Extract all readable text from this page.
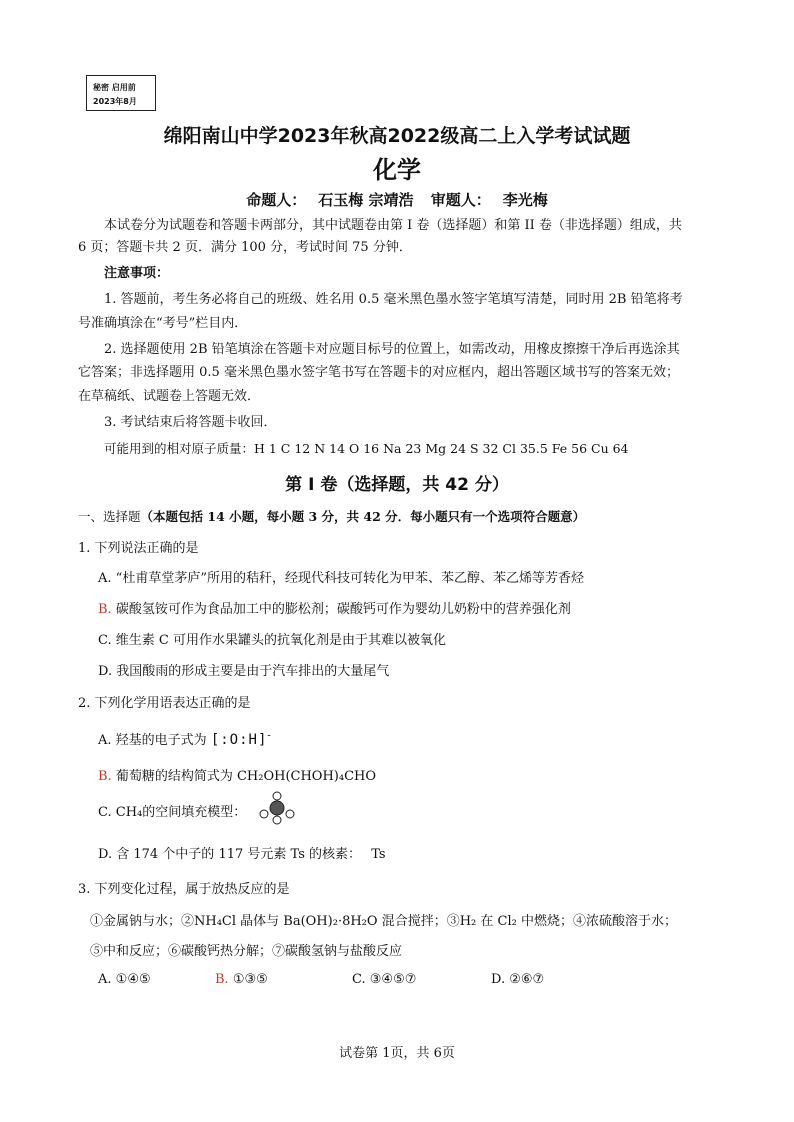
秘密 启用前
2023年8月
绵阳南山中学2023年秋高2022级高二上入学考试试题
化学
命题人： 石玉梅 宗靖浩 审题人： 李光梅
本试卷分为试题卷和答题卡两部分，其中试题卷由第 I 卷（选择题）和第 II 卷（非选择题）组成，共
6 页；答题卡共 2 页．满分 100 分，考试时间 75 分钟．
注意事项：
1. 答题前，考生务必将自己的班级、姓名用 0.5 毫米黑色墨水签字笔填写清楚，同时用 2B 铅笔将考
号准确填涂在“考号”栏目内．
2. 选择题使用 2B 铅笔填涂在答题卡对应题目标号的位置上，如需改动，用橡皮擦擦干净后再选涂其
它答案；非选择题用 0.5 毫米黑色墨水签字笔书写在答题卡的对应框内，超出答题区域书写的答案无效；
在草稿纸、试题卷上答题无效．
3. 考试结束后将答题卡收回．
可能用到的相对原子质量：H 1 C 12 N 14 O 16 Na 23 Mg 24 S 32 Cl 35.5 Fe 56 Cu 64
第 I 卷（选择题，共 42 分）
一、选择题（本题包括 14 小题，每小题 3 分，共 42 分．每小题只有一个选项符合题意）
1. 下列说法正确的是
A. “杜甫草堂茅庐”所用的秸秆，经现代科技可转化为甲苯、苯乙醇、苯乙烯等芳香烃
B. 碳酸氢铵可作为食品加工中的膨松剂；碳酸钙可作为婴幼儿奶粉中的营养强化剂
C. 维生素 C 可用作水果罐头的抗氧化剂是由于其难以被氧化
D. 我国酸雨的形成主要是由于汽车排出的大量尾气
2. 下列化学用语表达正确的是
A. 羟基的电子式为 [:O:H]-
B. 葡萄糖的结构简式为 CH₂OH(CHOH)₄CHO
C. CH₄的空间填充模型：
D. 含 174 个中子的 117 号元素 Ts 的核素： Ts
3. 下列变化过程，属于放热反应的是
①金属钠与水；②NH₄Cl 晶体与 Ba(OH)₂·8H₂O 混合搅拌；③H₂ 在 Cl₂ 中燃烧；④浓硫酸溶于水；
⑤中和反应；⑥碳酸钙热分解；⑦碳酸氢钠与盐酸反应
A. ①④⑤	B. ①③⑤	C. ③④⑤⑦	D. ②⑥⑦
试卷第 1页，共 6页
